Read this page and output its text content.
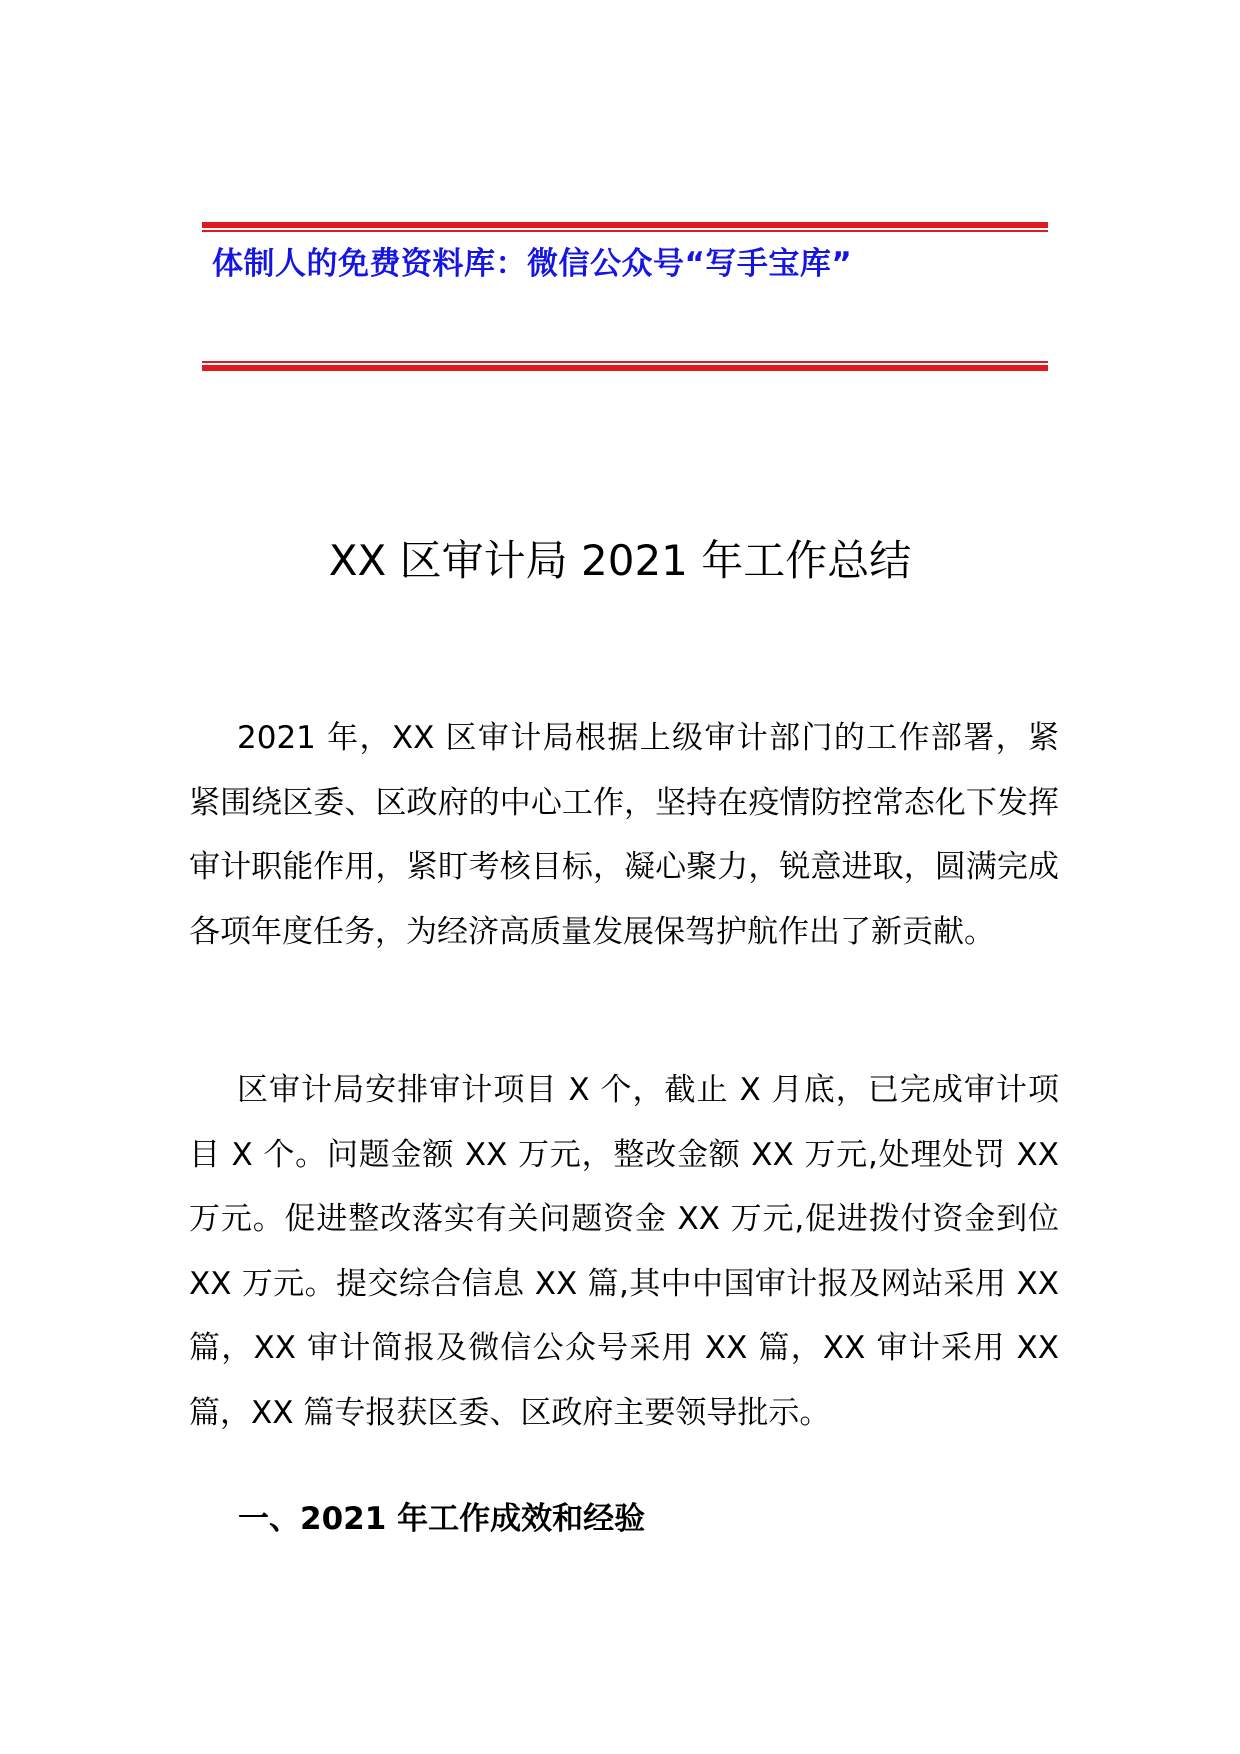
体制人的免费资料库：微信公众号“写手宝库”
XX 区审计局 2021 年工作总结

2021 年，XX 区审计局根据上级审计部门的工作部署，紧紧围绕区委、区政府的中心工作，坚持在疫情防控常态化下发挥审计职能作用，紧盯考核目标，凝心聚力，锐意进取，圆满完成各项年度任务，为经济高质量发展保驾护航作出了新贡献。

区审计局安排审计项目 X 个，截止 X 月底，已完成审计项目 X 个。问题金额 XX 万元，整改金额 XX 万元,处理处罚 XX 万元。促进整改落实有关问题资金 XX 万元,促进拨付资金到位 XX 万元。提交综合信息 XX 篇,其中中国审计报及网站采用 XX 篇，XX 审计简报及微信公众号采用 XX 篇，XX 审计采用 XX 篇，XX 篇专报获区委、区政府主要领导批示。

一、2021 年工作成效和经验
